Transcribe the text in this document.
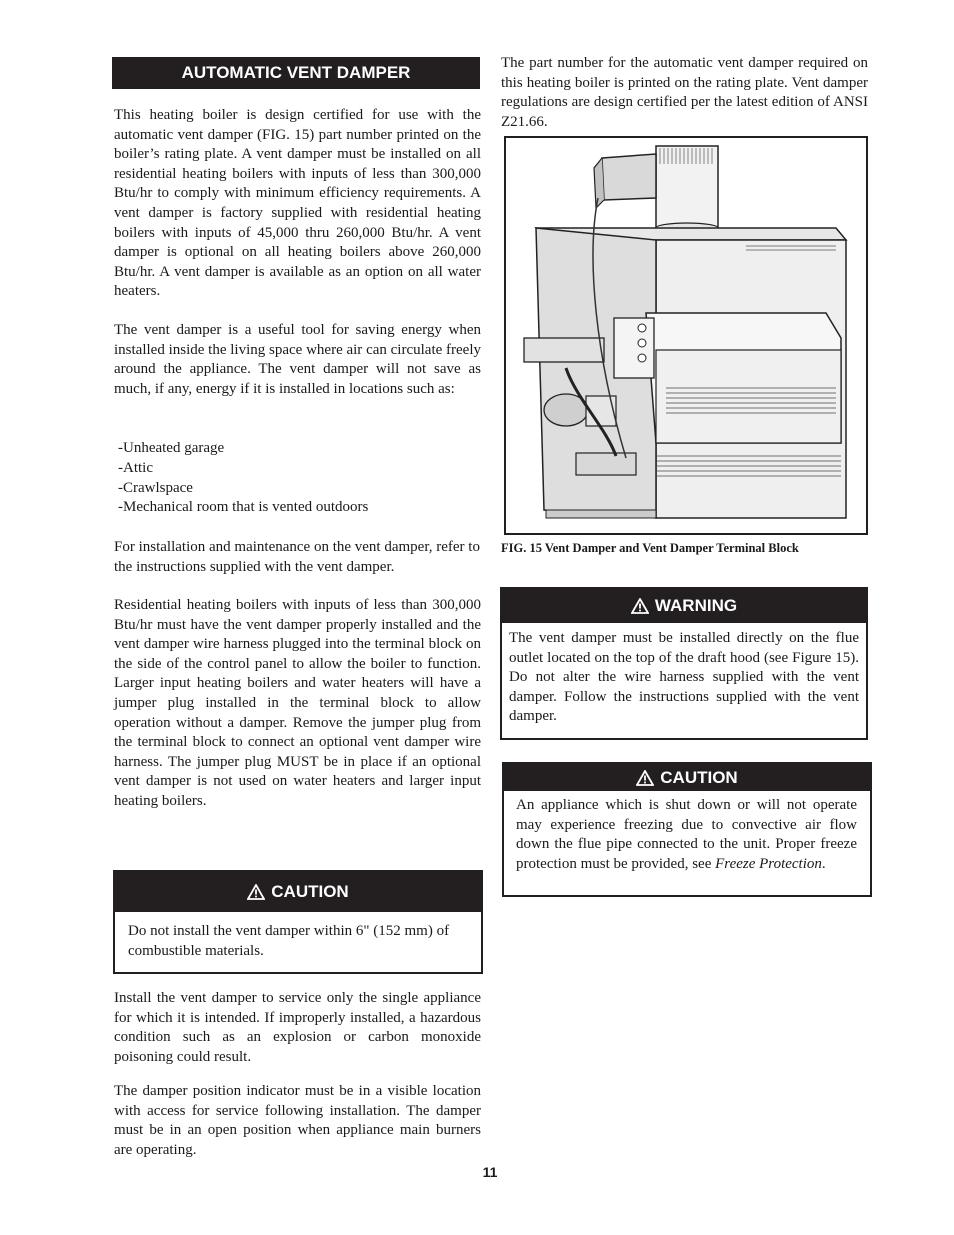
AUTOMATIC VENT DAMPER

This heating boiler is design certified for use with the automatic vent damper (FIG. 15) part number printed on the boiler’s rating plate. A vent damper must be installed on all residential heating boilers with inputs of less than 300,000 Btu/hr to comply with minimum efficiency requirements. A vent damper is factory supplied with residential heating boilers with inputs of 45,000 thru 260,000 Btu/hr. A vent damper is optional on all heating boilers above 260,000 Btu/hr. A vent damper is available as an option on all water heaters.

The vent damper is a useful tool for saving energy when installed inside the living space where air can circulate freely around the appliance. The vent damper will not save as much, if any, energy if it is installed in locations such as:

-Unheated garage
-Attic
-Crawlspace
-Mechanical room that is vented outdoors

For installation and maintenance on the vent damper, refer to the instructions supplied with the vent damper.

Residential heating boilers with inputs of less than 300,000 Btu/hr must have the vent damper properly installed and the vent damper wire harness plugged into the terminal block on the side of the control panel to allow the boiler to function. Larger input heating boilers and water heaters will have a jumper plug installed in the terminal block to allow operation without a damper. Remove the jumper plug from the terminal block to connect an optional vent damper wire harness. The jumper plug MUST be in place if an optional vent damper is not used on water heaters and larger input heating boilers.

CAUTION
Do not install the vent damper within 6" (152 mm) of combustible materials.

Install the vent damper to service only the single appliance for which it is intended. If improperly installed, a hazardous condition such as an explosion or carbon monoxide poisoning could result.

The damper position indicator must be in a visible location with access for service following installation. The damper must be in an open position when appliance main burners are operating.

The part number for the automatic vent damper required on this heating boiler is printed on the rating plate. Vent damper regulations are design certified per the latest edition of ANSI Z21.66.

FIG. 15 Vent Damper and Vent Damper Terminal Block
WARNING
The vent damper must be installed directly on the flue outlet located on the top of the draft hood (see Figure 15). Do not alter the wire harness supplied with the vent damper. Follow the instructions supplied with the vent damper.
CAUTION
An appliance which is shut down or will not operate may experience freezing due to convective air flow down the flue pipe connected to the unit. Proper freeze protection must be provided, see Freeze Protection.
11
